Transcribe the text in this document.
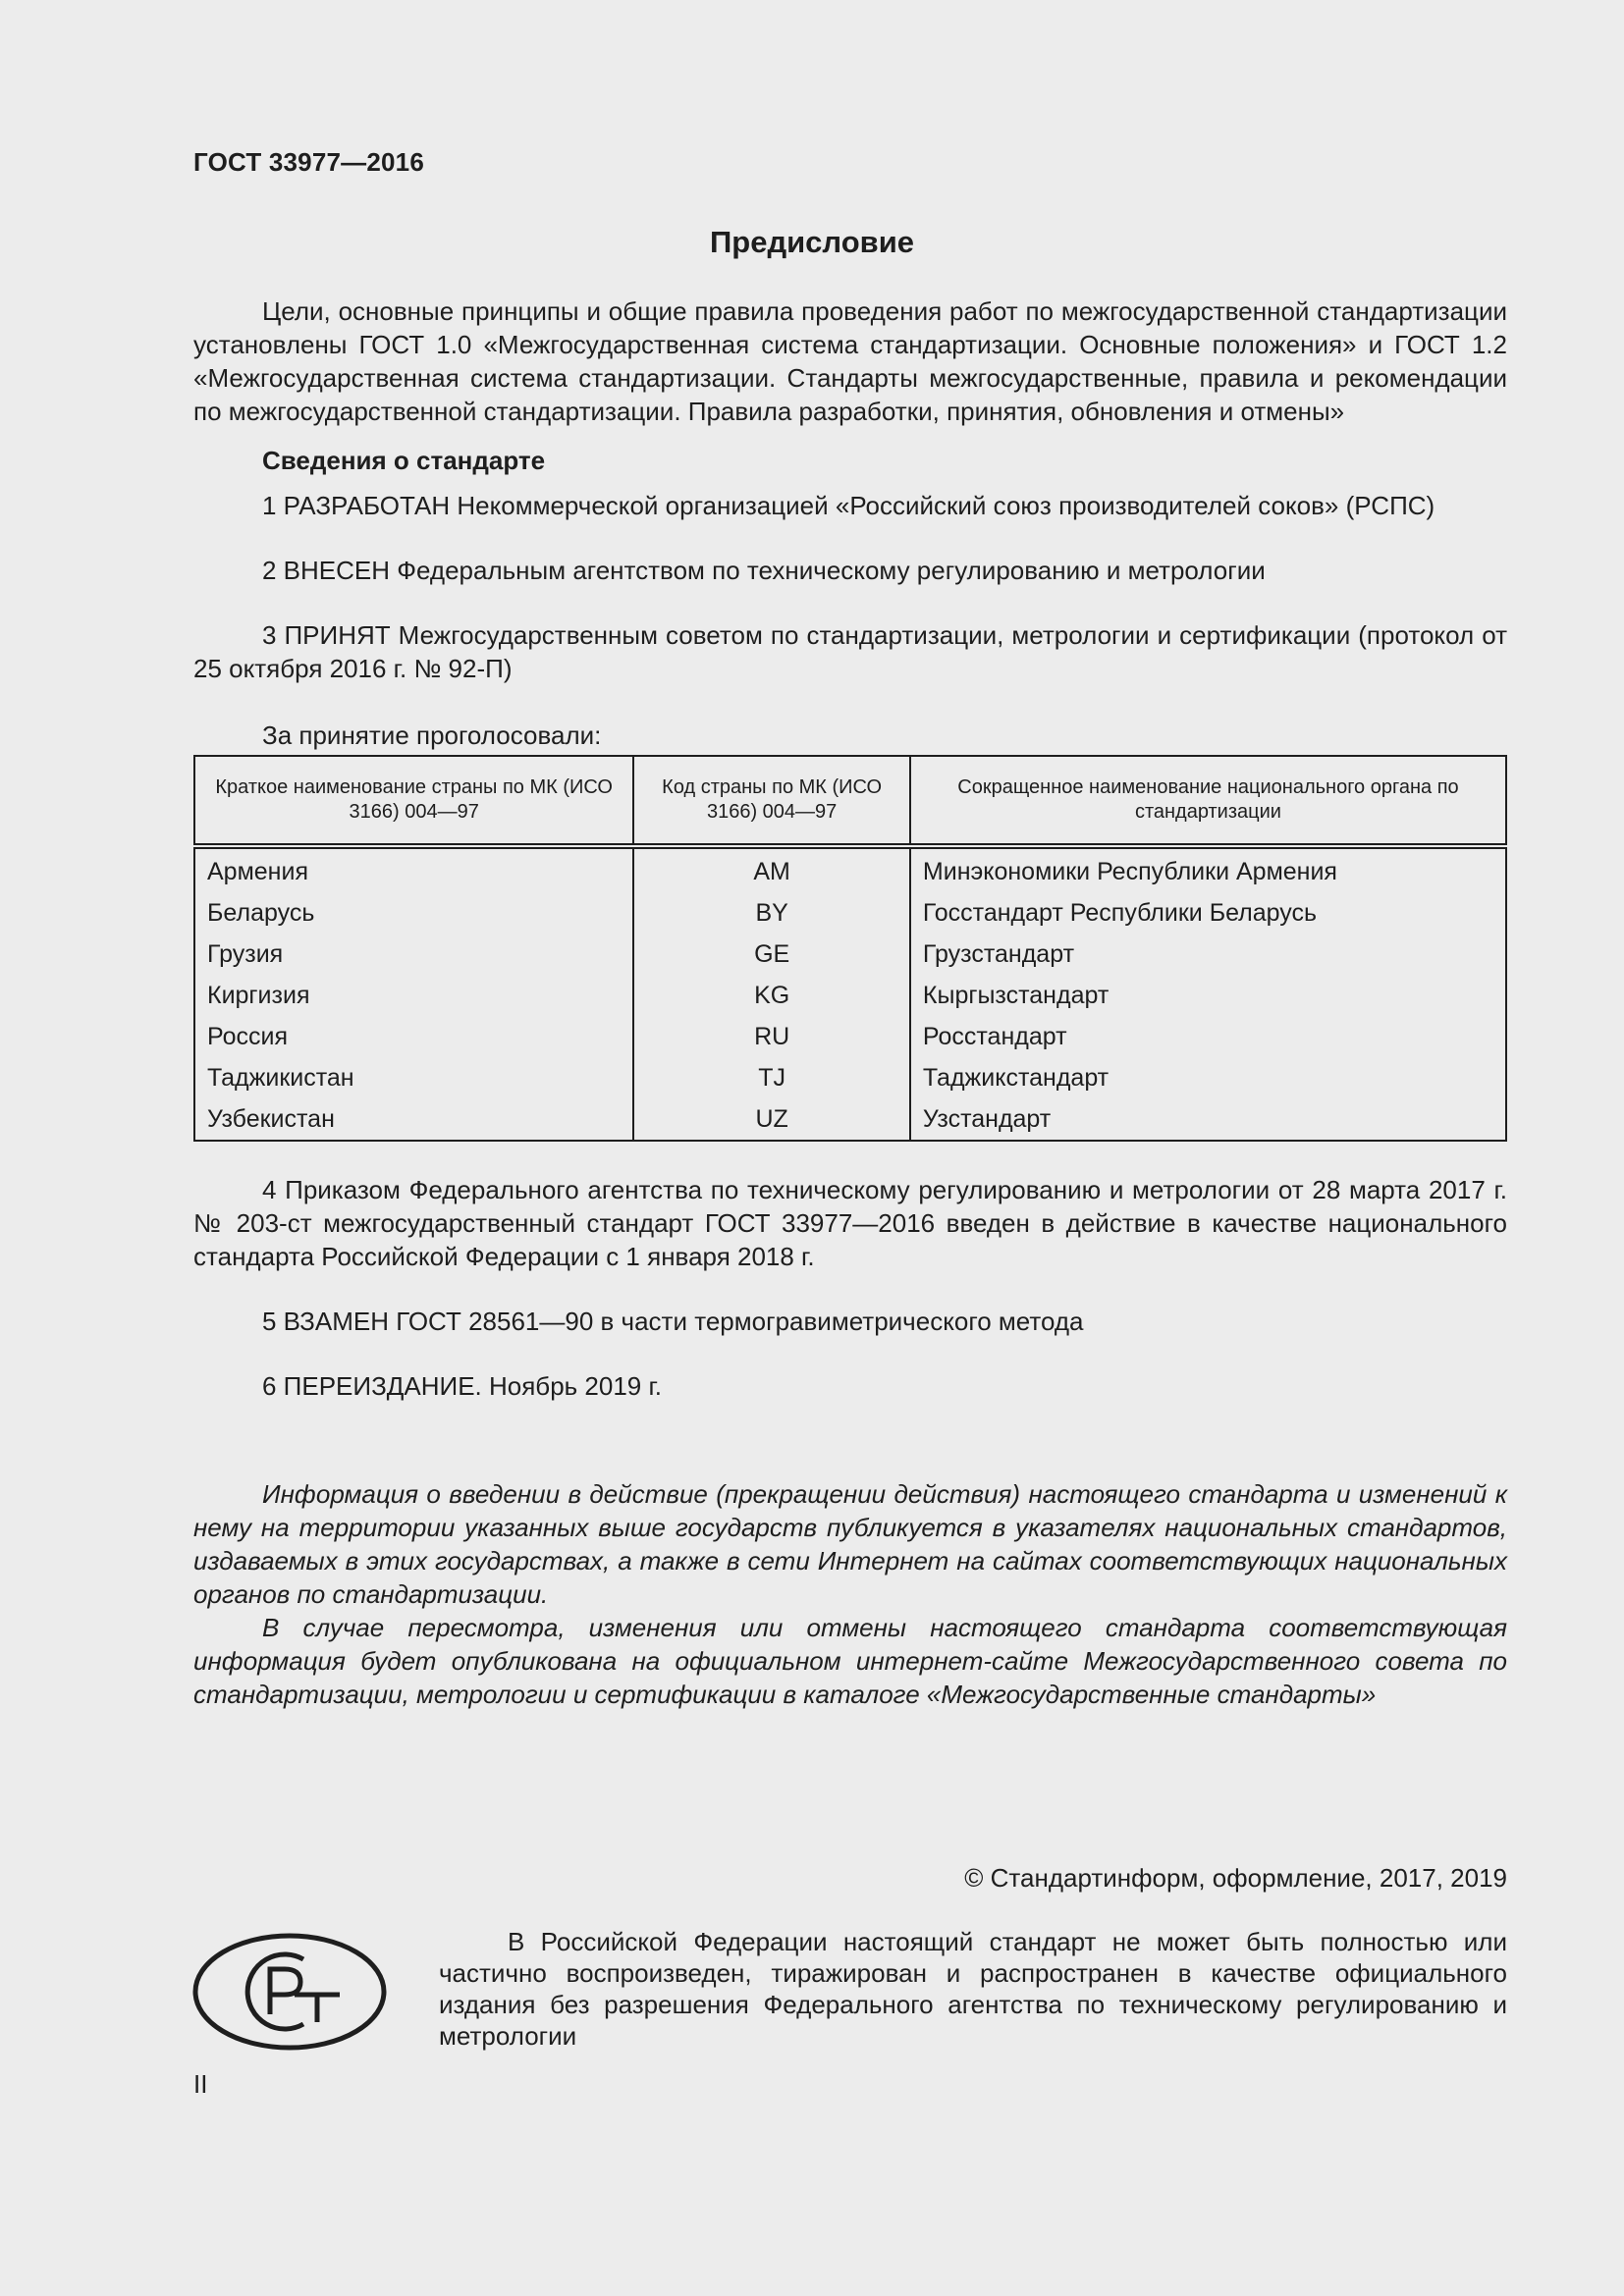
ГОСТ 33977—2016
Предисловие

Цели, основные принципы и общие правила проведения работ по межгосударственной стандартизации установлены ГОСТ 1.0 «Межгосударственная система стандартизации. Основные положения» и ГОСТ 1.2 «Межгосударственная система стандартизации. Стандарты межгосударственные, правила и рекомендации по межгосударственной стандартизации. Правила разработки, принятия, обновления и отмены»

Сведения о стандарте

1 РАЗРАБОТАН Некоммерческой организацией «Российский союз производителей соков» (РСПС)

2 ВНЕСЕН Федеральным агентством по техническому регулированию и метрологии

3 ПРИНЯТ Межгосударственным советом по стандартизации, метрологии и сертификации (протокол от 25 октября 2016 г. № 92-П)

За принятие проголосовали:

Краткое наименование страны по МК (ИСО 3166) 004—97	Код страны по МК (ИСО 3166) 004—97	Сокращенное наименование национального органа по стандартизации
Армения	AM	Минэкономики Республики Армения
Беларусь	BY	Госстандарт Республики Беларусь
Грузия	GE	Грузстандарт
Киргизия	KG	Кыргызстандарт
Россия	RU	Росстандарт
Таджикистан	TJ	Таджикстандарт
Узбекистан	UZ	Узстандарт

4 Приказом Федерального агентства по техническому регулированию и метрологии от 28 марта 2017 г. № 203-ст межгосударственный стандарт ГОСТ 33977—2016 введен в действие в качестве национального стандарта Российской Федерации с 1 января 2018 г.

5 ВЗАМЕН ГОСТ 28561—90 в части термогравиметрического метода

6 ПЕРЕИЗДАНИЕ. Ноябрь 2019 г.

Информация о введении в действие (прекращении действия) настоящего стандарта и изменений к нему на территории указанных выше государств публикуется в указателях национальных стандартов, издаваемых в этих государствах, а также в сети Интернет на сайтах соответствующих национальных органов по стандартизации.

В случае пересмотра, изменения или отмены настоящего стандарта соответствующая информация будет опубликована на официальном интернет-сайте Межгосударственного совета по стандартизации, метрологии и сертификации в каталоге «Межгосударственные стандарты»

© Стандартинформ, оформление, 2017, 2019

В Российской Федерации настоящий стандарт не может быть полностью или частично воспроизведен, тиражирован и распространен в качестве официального издания без разрешения Федерального агентства по техническому регулированию и метрологии

II
